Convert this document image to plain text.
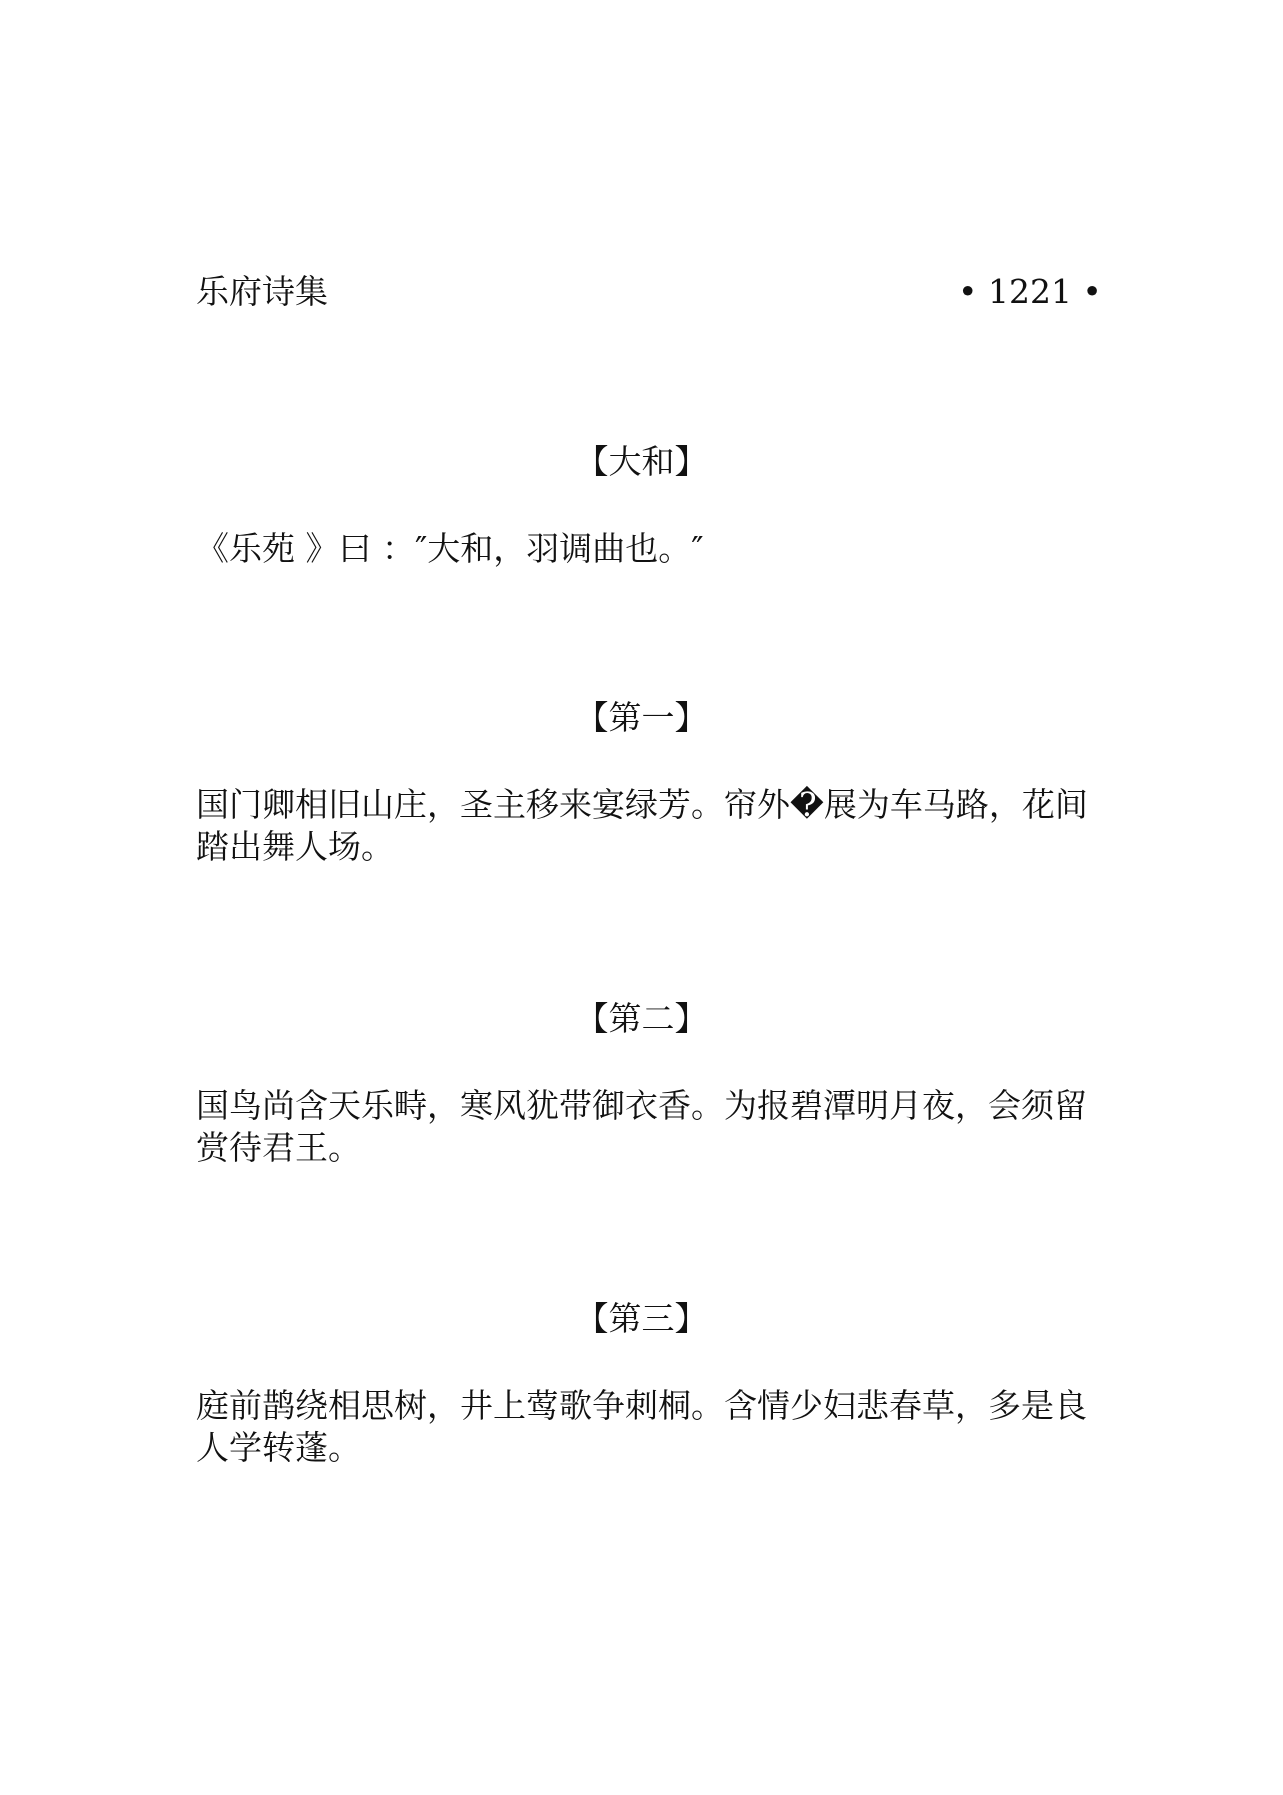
乐府诗集	• 1221 •
【大和】
《乐苑 》曰 ：″大和，羽调曲也。″
【第一】
国门卿相旧山庄，圣主移来宴绿芳。帘外�展为车马路，花间踏出舞人场。
【第二】
国鸟尚含天乐畤，寒风犹带御衣香。为报碧潭明月夜，会须留赏待君王。
【第三】
庭前鹊绕相思树，井上莺歌争刺桐。含情少妇悲春草，多是良人学转蓬。
